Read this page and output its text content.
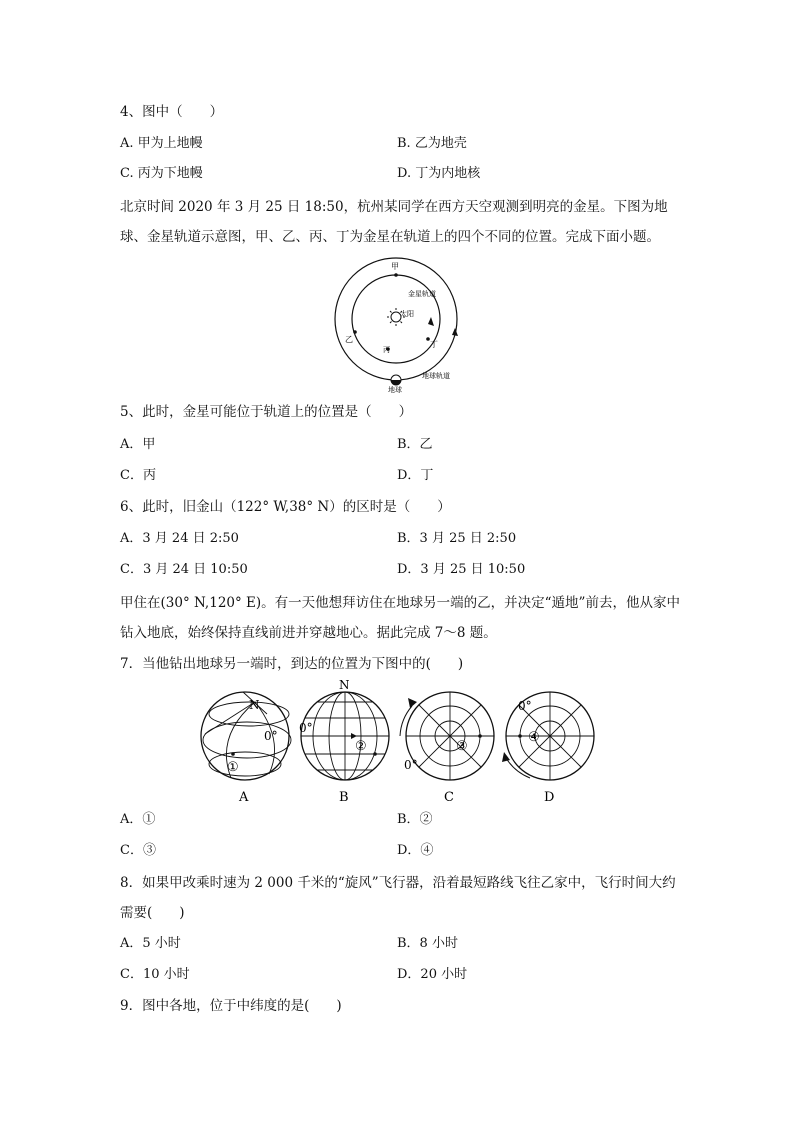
4、图中（　　）
A. 甲为上地幔	B. 乙为地壳
C. 丙为下地幔	D. 丁为内地核
北京时间 2020 年 3 月 25 日 18:50，杭州某同学在西方天空观测到明亮的金星。下图为地球、金星轨道示意图，甲、乙、丙、丁为金星在轨道上的四个不同的位置。完成下面小题。
甲
金星轨道
太阳
乙
丙
丁
地球
地球轨道
5、此时，金星可能位于轨道上的位置是（　　）
A．甲	B．乙
C．丙	D．丁
6、此时，旧金山（122° W,38° N）的区时是（　　）
A．3 月 24 日 2:50	B．3 月 25 日 2:50
C．3 月 24 日 10:50	D．3 月 25 日 10:50
甲住在(30° N,120° E)。有一天他想拜访住在地球另一端的乙，并决定“遁地”前去，他从家中钻入地底，始终保持直线前进并穿越地心。据此完成 7～8 题。
7．当他钻出地球另一端时，到达的位置为下图中的(　　)
N
0°
①
A
N
0°
②
B
0°
③
C
0°
④
D
A．①	B．②
C．③	D．④
8．如果甲改乘时速为 2 000 千米的“旋风”飞行器，沿着最短路线飞往乙家中，飞行时间大约需要(　　)
A．5 小时	B．8 小时
C．10 小时	D．20 小时
9．图中各地，位于中纬度的是(　　)
